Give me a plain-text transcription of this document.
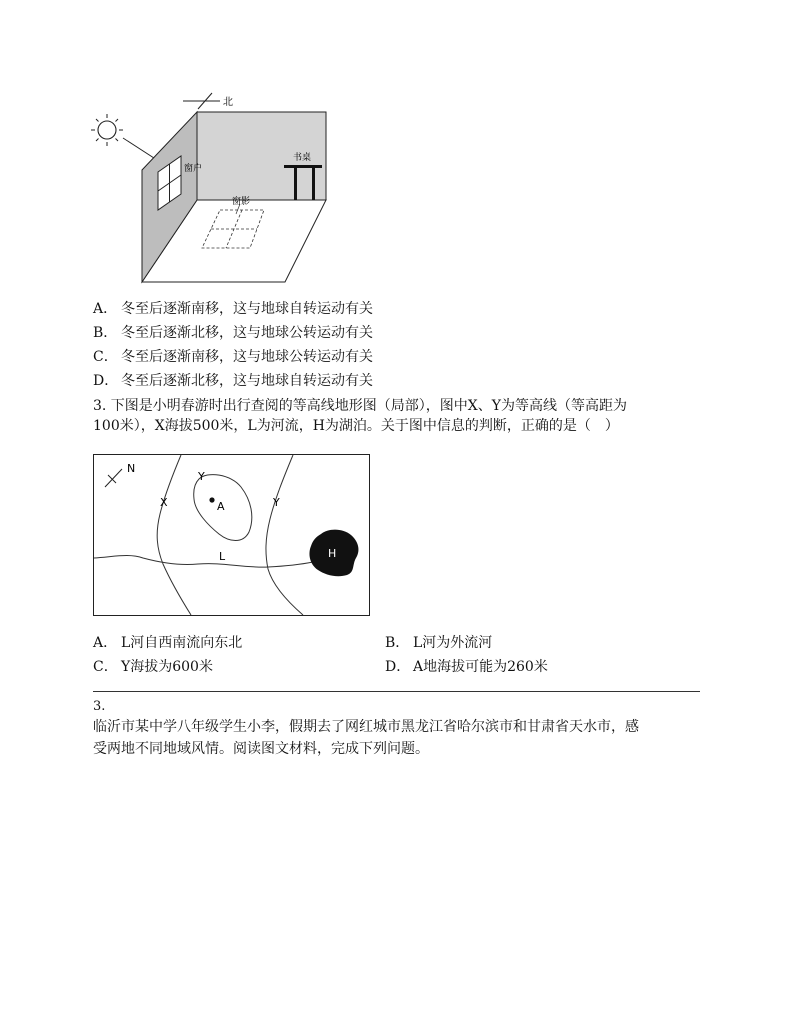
北
窗户
书桌
窗影
A． 冬至后逐渐南移，这与地球自转运动有关
B． 冬至后逐渐北移，这与地球公转运动有关
C． 冬至后逐渐南移，这与地球公转运动有关
D． 冬至后逐渐北移，这与地球自转运动有关
3. 下图是小明春游时出行查阅的等高线地形图（局部），图中X、Y为等高线（等高距为
100米），X海拔500米，L为河流，H为湖泊。关于图中信息的判断，正确的是（　）
N
X
Y
Y
A
L	H
A． L河自西南流向东北	B． L河为外流河
C． Y海拔为600米	D． A地海拔可能为260米
3.
临沂市某中学八年级学生小李，假期去了网红城市黑龙江省哈尔滨市和甘肃省天水市，感
受两地不同地域风情。阅读图文材料，完成下列问题。
